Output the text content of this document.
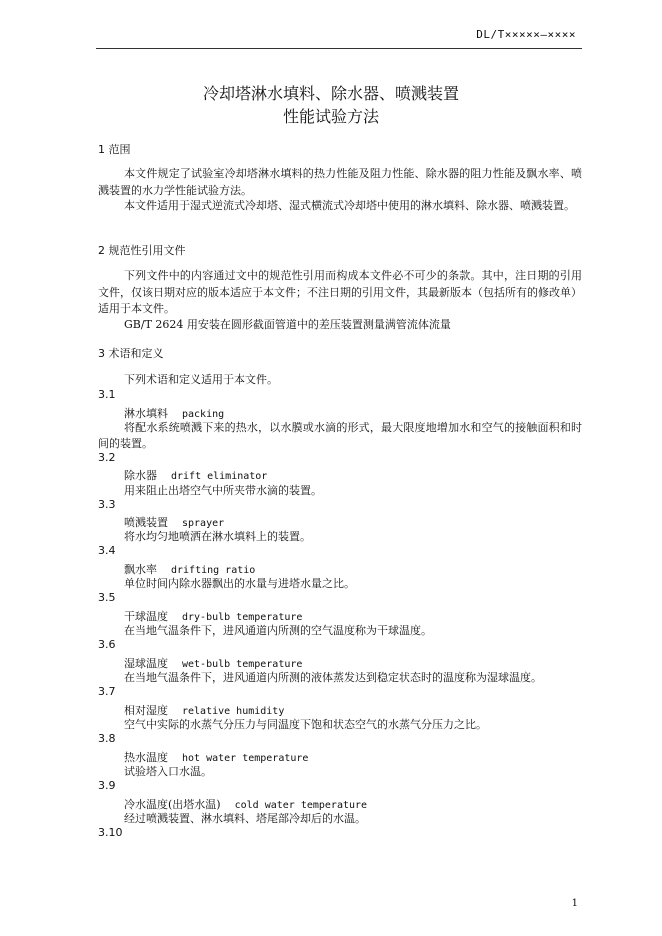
DL/T×××××—××××
冷却塔淋水填料、除水器、喷溅装置
性能试验方法
1 范围

本文件规定了试验室冷却塔淋水填料的热力性能及阻力性能、除水器的阻力性能及飘水率、喷溅装置的水力学性能试验方法。

本文件适用于湿式逆流式冷却塔、湿式横流式冷却塔中使用的淋水填料、除水器、喷溅装置。

2 规范性引用文件

下列文件中的内容通过文中的规范性引用而构成本文件必不可少的条款。其中，注日期的引用文件，仅该日期对应的版本适应于本文件；不注日期的引用文件，其最新版本（包括所有的修改单）适用于本文件。

GB/T 2624 用安装在圆形截面管道中的差压装置测量满管流体流量

3 术语和定义

下列术语和定义适用于本文件。

3.1
淋水填料 packing

将配水系统喷溅下来的热水，以水膜或水滴的形式，最大限度地增加水和空气的接触面积和时间的装置。

3.2
除水器 drift eliminator

用来阻止出塔空气中所夹带水滴的装置。

3.3
喷溅装置 sprayer

将水均匀地喷洒在淋水填料上的装置。

3.4
飘水率 drifting ratio

单位时间内除水器飘出的水量与进塔水量之比。

3.5
干球温度 dry-bulb temperature

在当地气温条件下，进风通道内所测的空气温度称为干球温度。

3.6
湿球温度 wet-bulb temperature

在当地气温条件下，进风通道内所测的液体蒸发达到稳定状态时的温度称为湿球温度。

3.7
相对湿度 relative humidity

空气中实际的水蒸气分压力与同温度下饱和状态空气的水蒸气分压力之比。

3.8
热水温度 hot water temperature

试验塔入口水温。

3.9
冷水温度(出塔水温) cold water temperature

经过喷溅装置、淋水填料、塔尾部冷却后的水温。

3.10
1
